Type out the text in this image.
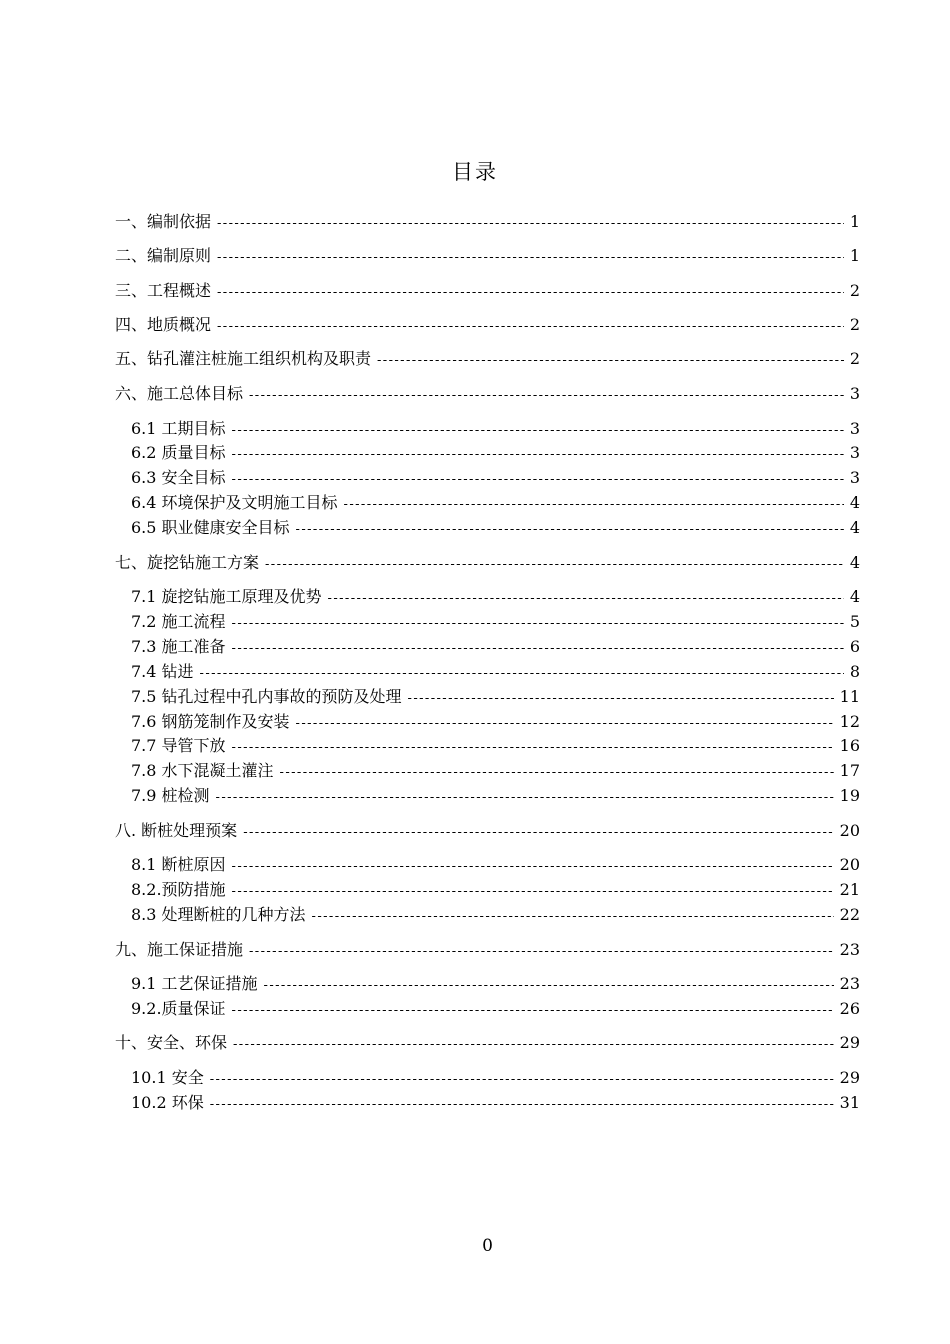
目录
一、编制依据 -----	1
二、编制原则 -----	1
三、工程概述 -----	2
四、地质概况 -----	2
五、钻孔灌注桩施工组织机构及职责 -----	2
六、施工总体目标 -----	3
6.1 工期目标 -----	3
6.2 质量目标 -----	3
6.3 安全目标 -----	3
6.4 环境保护及文明施工目标 -----	4
6.5 职业健康安全目标 -----	4
七、旋挖钻施工方案 -----	4
7.1 旋挖钻施工原理及优势 -----	4
7.2 施工流程 -----	5
7.3 施工准备 -----	6
7.4 钻进 -----	8
7.5 钻孔过程中孔内事故的预防及处理 -----	11
7.6 钢筋笼制作及安装 -----	12
7.7 导管下放 -----	16
7.8 水下混凝土灌注 -----	17
7.9 桩检测 -----	19
八. 断桩处理预案 -----	20
8.1 断桩原因 -----	20
8.2.预防措施 -----	21
8.3 处理断桩的几种方法 -----	22
九、施工保证措施 -----	23
9.1 工艺保证措施 -----	23
9.2.质量保证 -----	26
十、安全、环保 -----	29
10.1 安全 -----	29
10.2 环保 -----	31
0
